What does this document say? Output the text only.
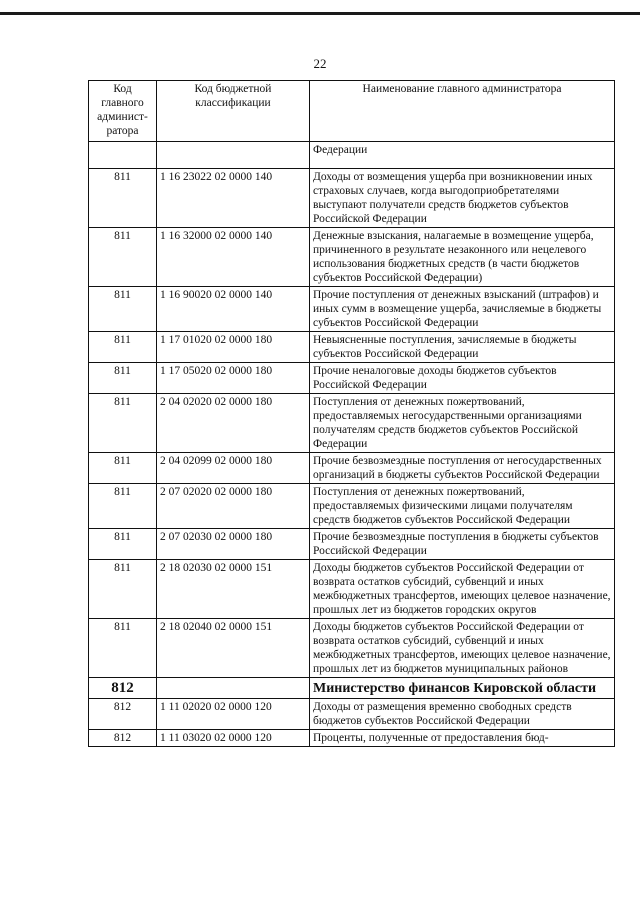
22
Код главного админист-ратора	Код бюджетной классификации	Наименование главного администратора
		Федерации
811	1 16 23022 02 0000 140	Доходы от возмещения ущерба при возникновении иных страховых случаев, когда выгодоприобретателями выступают получатели средств бюджетов субъектов Российской Федерации
811	1 16 32000 02 0000 140	Денежные взыскания, налагаемые в возмещение ущерба, причиненного в результате незаконного или нецелевого использования бюджетных средств (в части бюджетов субъектов Российской Федерации)
811	1 16 90020 02 0000 140	Прочие поступления от денежных взысканий (штрафов) и иных сумм в возмещение ущерба, зачисляемые в бюджеты субъектов Российской Федерации
811	1 17 01020 02 0000 180	Невыясненные поступления, зачисляемые в бюджеты субъектов Российской Федерации
811	1 17 05020 02 0000 180	Прочие неналоговые доходы бюджетов субъектов Российской Федерации
811	2 04 02020 02 0000 180	Поступления от денежных пожертвований, предоставляемых негосударственными организациями получателям средств бюджетов субъектов Российской Федерации
811	2 04 02099 02 0000 180	Прочие безвозмездные поступления от негосударственных организаций в бюджеты субъектов Российской Федерации
811	2 07 02020 02 0000 180	Поступления от денежных пожертвований, предоставляемых физическими лицами получателям средств бюджетов субъектов Российской Федерации
811	2 07 02030 02 0000 180	Прочие безвозмездные поступления в бюджеты субъектов Российской Федерации
811	2 18 02030 02 0000 151	Доходы бюджетов субъектов Российской Федерации от возврата остатков субсидий, субвенций и иных межбюджетных трансфертов, имеющих целевое назначение, прошлых лет из бюджетов городских округов
811	2 18 02040 02 0000 151	Доходы бюджетов субъектов Российской Федерации от возврата остатков субсидий, субвенций и иных межбюджетных трансфертов, имеющих целевое назначение, прошлых лет из бюджетов муниципальных районов
812		Министерство финансов Кировской области
812	1 11 02020 02 0000 120	Доходы от размещения временно свободных средств бюджетов субъектов Российской Федерации
812	1 11 03020 02 0000 120	Проценты, полученные от предоставления бюд-
